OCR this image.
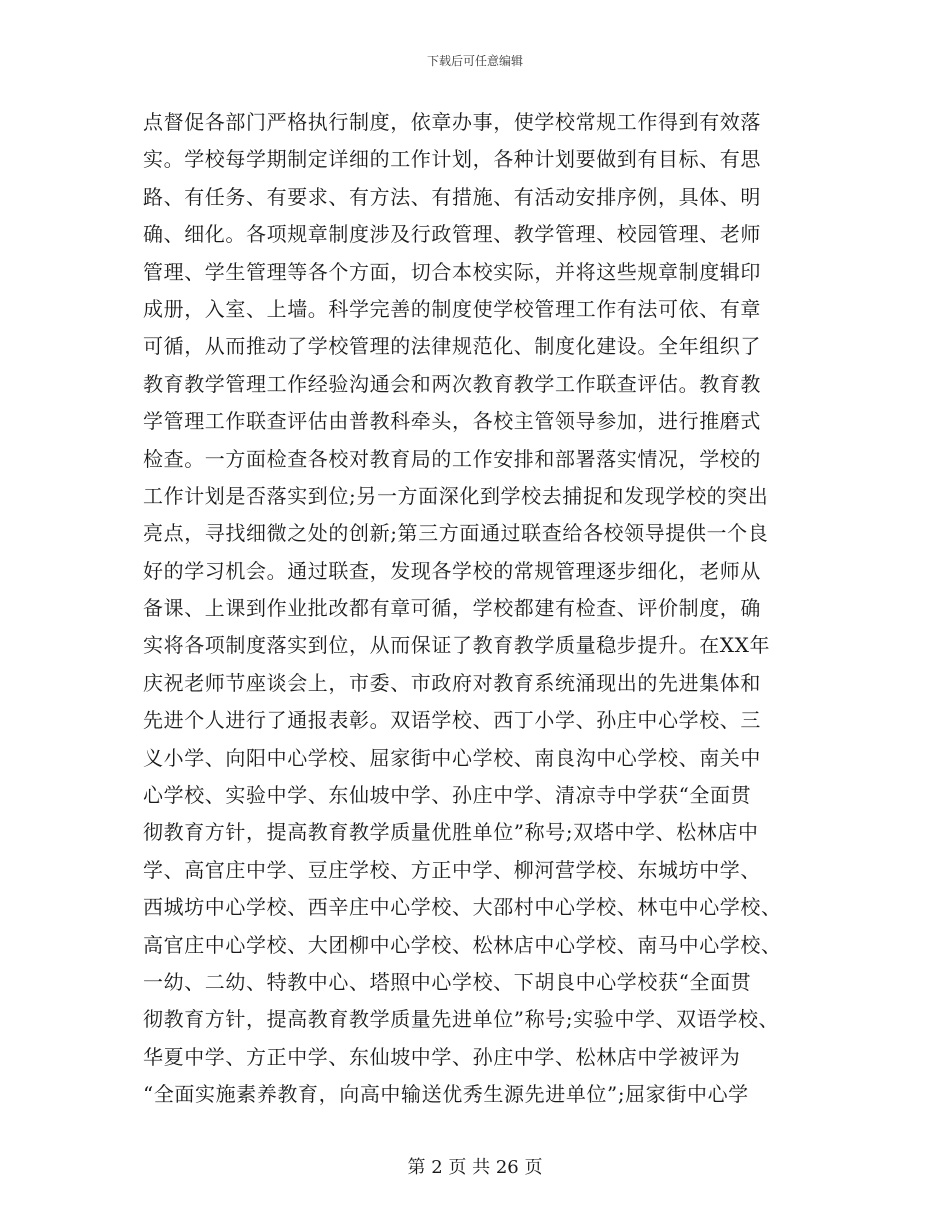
下载后可任意编辑
点督促各部门严格执行制度，依章办事，使学校常规工作得到有效落
实。学校每学期制定详细的工作计划，各种计划要做到有目标、有思
路、有任务、有要求、有方法、有措施、有活动安排序例，具体、明
确、细化。各项规章制度涉及行政管理、教学管理、校园管理、老师
管理、学生管理等各个方面，切合本校实际，并将这些规章制度辑印
成册，入室、上墙。科学完善的制度使学校管理工作有法可依、有章
可循，从而推动了学校管理的法律规范化、制度化建设。全年组织了
教育教学管理工作经验沟通会和两次教育教学工作联查评估。教育教
学管理工作联查评估由普教科牵头，各校主管领导参加，进行推磨式
检查。一方面检查各校对教育局的工作安排和部署落实情况，学校的
工作计划是否落实到位;另一方面深化到学校去捕捉和发现学校的突出
亮点，寻找细微之处的创新;第三方面通过联查给各校领导提供一个良
好的学习机会。通过联查，发现各学校的常规管理逐步细化，老师从
备课、上课到作业批改都有章可循，学校都建有检查、评价制度，确
实将各项制度落实到位，从而保证了教育教学质量稳步提升。在XX年
庆祝老师节座谈会上，市委、市政府对教育系统涌现出的先进集体和
先进个人进行了通报表彰。双语学校、西丁小学、孙庄中心学校、三
义小学、向阳中心学校、屈家街中心学校、南良沟中心学校、南关中
心学校、实验中学、东仙坡中学、孙庄中学、清凉寺中学获“全面贯
彻教育方针，提高教育教学质量优胜单位”称号;双塔中学、松林店中
学、高官庄中学、豆庄学校、方正中学、柳河营学校、东城坊中学、
西城坊中心学校、西辛庄中心学校、大邵村中心学校、林屯中心学校、
高官庄中心学校、大团柳中心学校、松林店中心学校、南马中心学校、
一幼、二幼、特教中心、塔照中心学校、下胡良中心学校获“全面贯
彻教育方针，提高教育教学质量先进单位”称号;实验中学、双语学校、
华夏中学、方正中学、东仙坡中学、孙庄中学、松林店中学被评为
“全面实施素养教育，向高中输送优秀生源先进单位”;屈家街中心学
第 2 页 共 26 页
